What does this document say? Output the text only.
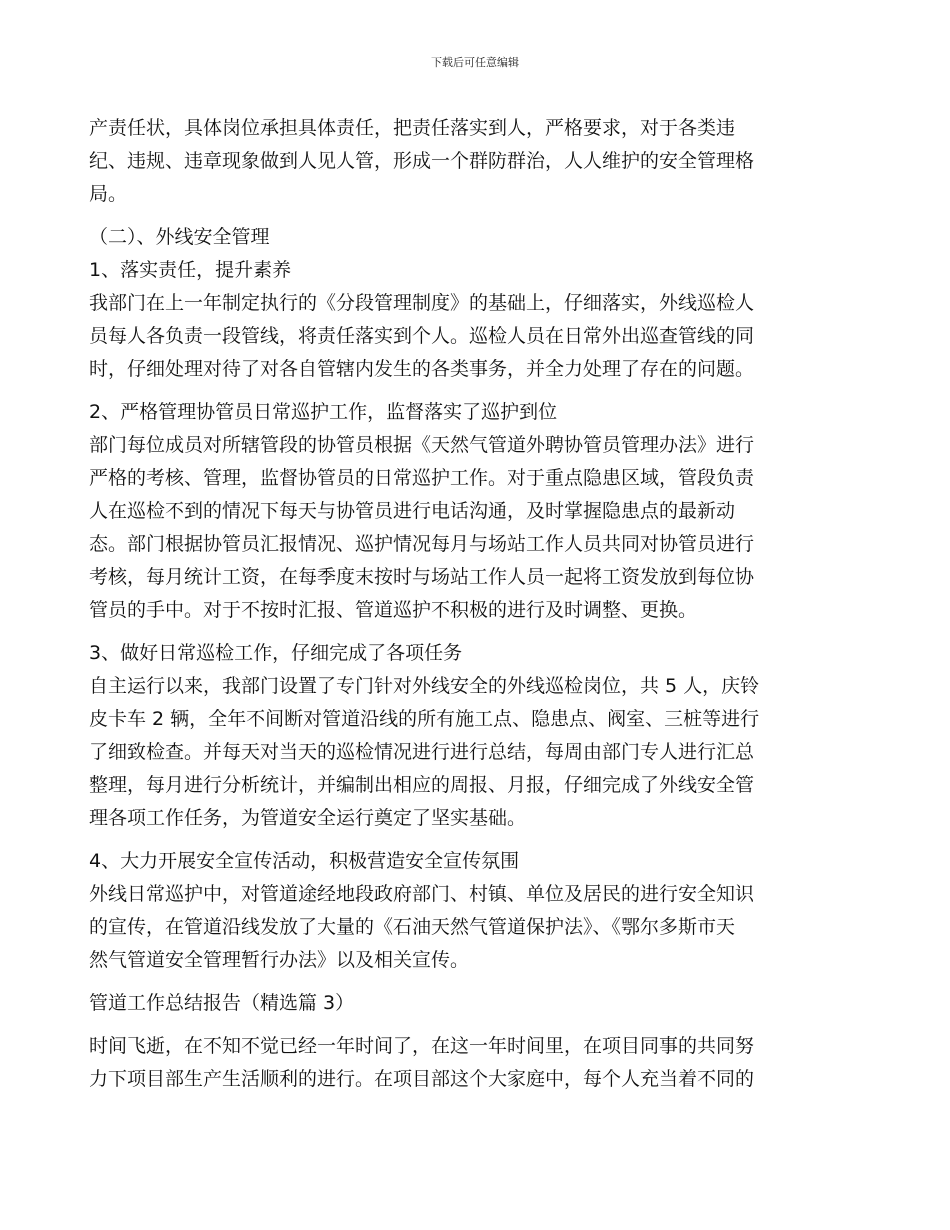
下载后可任意编辑
产责任状，具体岗位承担具体责任，把责任落实到人，严格要求，对于各类违
纪、违规、违章现象做到人见人管，形成一个群防群治，人人维护的安全管理格
局。
（二）、外线安全管理
1、落实责任，提升素养
我部门在上一年制定执行的《分段管理制度》的基础上，仔细落实，外线巡检人
员每人各负责一段管线，将责任落实到个人。巡检人员在日常外出巡查管线的同
时，仔细处理对待了对各自管辖内发生的各类事务，并全力处理了存在的问题。
2、严格管理协管员日常巡护工作，监督落实了巡护到位
部门每位成员对所辖管段的协管员根据《天然气管道外聘协管员管理办法》进行
严格的考核、管理，监督协管员的日常巡护工作。对于重点隐患区域，管段负责
人在巡检不到的情况下每天与协管员进行电话沟通，及时掌握隐患点的最新动
态。部门根据协管员汇报情况、巡护情况每月与场站工作人员共同对协管员进行
考核，每月统计工资，在每季度末按时与场站工作人员一起将工资发放到每位协
管员的手中。对于不按时汇报、管道巡护不积极的进行及时调整、更换。
3、做好日常巡检工作，仔细完成了各项任务
自主运行以来，我部门设置了专门针对外线安全的外线巡检岗位，共 5 人，庆铃
皮卡车 2 辆，全年不间断对管道沿线的所有施工点、隐患点、阀室、三桩等进行
了细致检查。并每天对当天的巡检情况进行进行总结，每周由部门专人进行汇总
整理，每月进行分析统计，并编制出相应的周报、月报，仔细完成了外线安全管
理各项工作任务，为管道安全运行奠定了坚实基础。
4、大力开展安全宣传活动，积极营造安全宣传氛围
外线日常巡护中，对管道途经地段政府部门、村镇、单位及居民的进行安全知识
的宣传，在管道沿线发放了大量的《石油天然气管道保护法》、《鄂尔多斯市天
然气管道安全管理暂行办法》以及相关宣传。
管道工作总结报告（精选篇 3）
时间飞逝，在不知不觉已经一年时间了，在这一年时间里，在项目同事的共同努
力下项目部生产生活顺利的进行。在项目部这个大家庭中，每个人充当着不同的
